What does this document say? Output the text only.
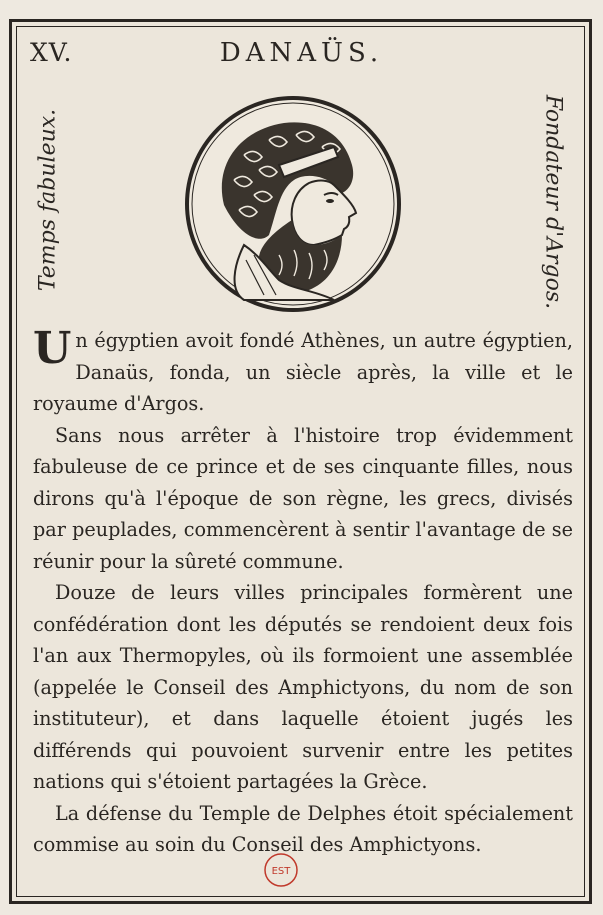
XV.	DANAÜS.
Temps fabuleux.	Fondateur d'Argos.

Un égyptien avoit fondé Athènes, un autre égyptien, Danaüs, fonda, un siècle après, la ville et le royaume d'Argos.

Sans nous arrêter à l'histoire trop évidemment fabuleuse de ce prince et de ses cinquante filles, nous dirons qu'à l'époque de son règne, les grecs, divisés par peuplades, commencèrent à sentir l'avantage de se réunir pour la sûreté commune.

Douze de leurs villes principales formèrent une confédération dont les députés se rendoient deux fois l'an aux Thermopyles, où ils formoient une assemblée (appelée le Conseil des Amphictyons, du nom de son instituteur), et dans laquelle étoient jugés les différends qui pouvoient survenir entre les petites nations qui s'étoient partagées la Grèce.

La défense du Temple de Delphes étoit spécialement commise au soin du Conseil des Amphictyons.

EST
